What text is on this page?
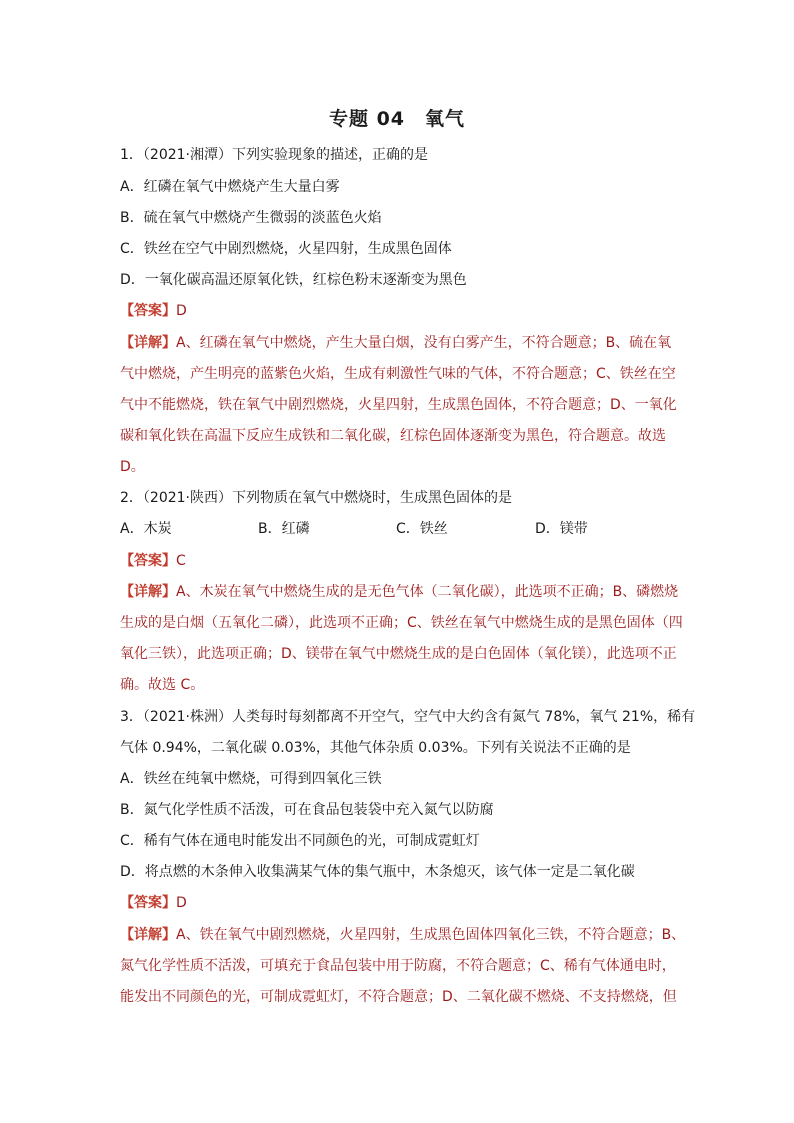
专题 04　氧气
1．（2021·湘潭）下列实验现象的描述，正确的是
A．红磷在氧气中燃烧产生大量白雾
B．硫在氧气中燃烧产生微弱的淡蓝色火焰
C．铁丝在空气中剧烈燃烧，火星四射，生成黑色固体
D．一氧化碳高温还原氧化铁，红棕色粉末逐渐变为黑色
【答案】D
【详解】A、红磷在氧气中燃烧，产生大量白烟，没有白雾产生，不符合题意；B、硫在氧
气中燃烧，产生明亮的蓝紫色火焰，生成有刺激性气味的气体，不符合题意；C、铁丝在空
气中不能燃烧，铁在氧气中剧烈燃烧，火星四射，生成黑色固体，不符合题意；D、一氧化
碳和氧化铁在高温下反应生成铁和二氧化碳，红棕色固体逐渐变为黑色，符合题意。故选
D。
2．（2021·陕西）下列物质在氧气中燃烧时，生成黑色固体的是
A．木炭	B．红磷	C．铁丝	D．镁带
【答案】C
【详解】A、木炭在氧气中燃烧生成的是无色气体（二氧化碳），此选项不正确；B、磷燃烧
生成的是白烟（五氧化二磷），此选项不正确；C、铁丝在氧气中燃烧生成的是黑色固体（四
氧化三铁），此选项正确；D、镁带在氧气中燃烧生成的是白色固体（氧化镁），此选项不正
确。故选 C。
3．（2021·株洲）人类每时每刻都离不开空气，空气中大约含有氮气 78%，氧气 21%，稀有
气体 0.94%，二氧化碳 0.03%，其他气体杂质 0.03%。下列有关说法不正确的是
A．铁丝在纯氧中燃烧，可得到四氧化三铁
B．氮气化学性质不活泼，可在食品包装袋中充入氮气以防腐
C．稀有气体在通电时能发出不同颜色的光，可制成霓虹灯
D．将点燃的木条伸入收集满某气体的集气瓶中，木条熄灭，该气体一定是二氧化碳
【答案】D
【详解】A、铁在氧气中剧烈燃烧，火星四射，生成黑色固体四氧化三铁，不符合题意；B、
氮气化学性质不活泼，可填充于食品包装中用于防腐，不符合题意；C、稀有气体通电时，
能发出不同颜色的光，可制成霓虹灯，不符合题意；D、二氧化碳不燃烧、不支持燃烧，但
